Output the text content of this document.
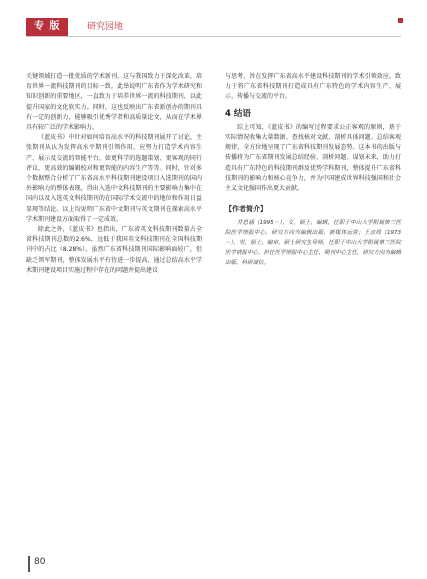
专 版	研究园地

关键领域打造一批优质的学术新刊，这与我国致力于深化改革，培育世界一流科技期刊的目标一致。此举说明广东省作为学术研究和知识创新的重要地区，一直致力于培养世界一流的科技期刊，以此提升国家的文化软实力。同时，这也反映出广东省新创办的期刊具有一定的创新力，能够吸引优秀学者和高质量论文，从而在学术界具有较广泛的学术影响力。

《蓝皮书》中针对如何培育高水平的科技期刊展开了讨论，主张期刊从认为发挥高水平期刊引领作用，应努力打造学术内容生产、展示及交流的智能平台，如更科学的选题策划、更客观的同行评议、更高效的编辑校对和更智能的内容生产等等。同时，针对多个数据整合分析了广东省高水平科技期刊建设项目入选期刊的国内外影响力的整体表现，得出入选中文科技期刊的主要影响力集中在国内以及入选英文科技期刊的在国际学术交流中的地位和作用日益显现等结论。以上均说明广东省中文期刊与英文期刊在探索高水平学术期刊建设方面取得了一定成效。

除此之外，《蓝皮书》也指出，广东省英文科技期刊数量占全省科技期刊总数的2.6%，远低于我国英文科技期刊在全国科技期刊中的占比（8.28%）。虽然广东省科技期刊国际影响面较广，但缺乏领军期刊，整体发展水平有待进一步提高，通过总结高水平学术期刊建设项目实施过程中存在的问题并提出建议

与思考，旨在发挥广东省高水平建设科技期刊的学术引领效应，致力于将广东省科技期刊打造成具有广东特色的学术内容生产、展示、传播与交流的平台。

4 结语

综上可知，《蓝皮书》的编写过程要求公正客观的原则，基于实际情况收集大量数据、查找核对文献、剖析具体问题、总结客观规律，全方位地呈现了广东省科技期刊发展态势。这本书的出版与传播将为广东省期刊发展总结经验、剖析问题、谋划未来，助力打造具有广东特色的科技期刊群及优势学科期刊，整体提升广东省科技期刊的影响力和核心竞争力，并为中国建成世界科技强国和社会主义文化强国作出更大贡献。

【作者简介】

井思涵（1995－），女，硕士，编辑，任职于中山大学附属第三医院医学情报中心，研究方向为编辑出版、新媒体运营；王彦周（1973－），男，硕士，编审，硕士研究生导师，任职于中山大学附属第三医院医学情报中心，担任医学情报中心主任、期刊中心主任，研究方向为编辑出版、科研诚信。

80
